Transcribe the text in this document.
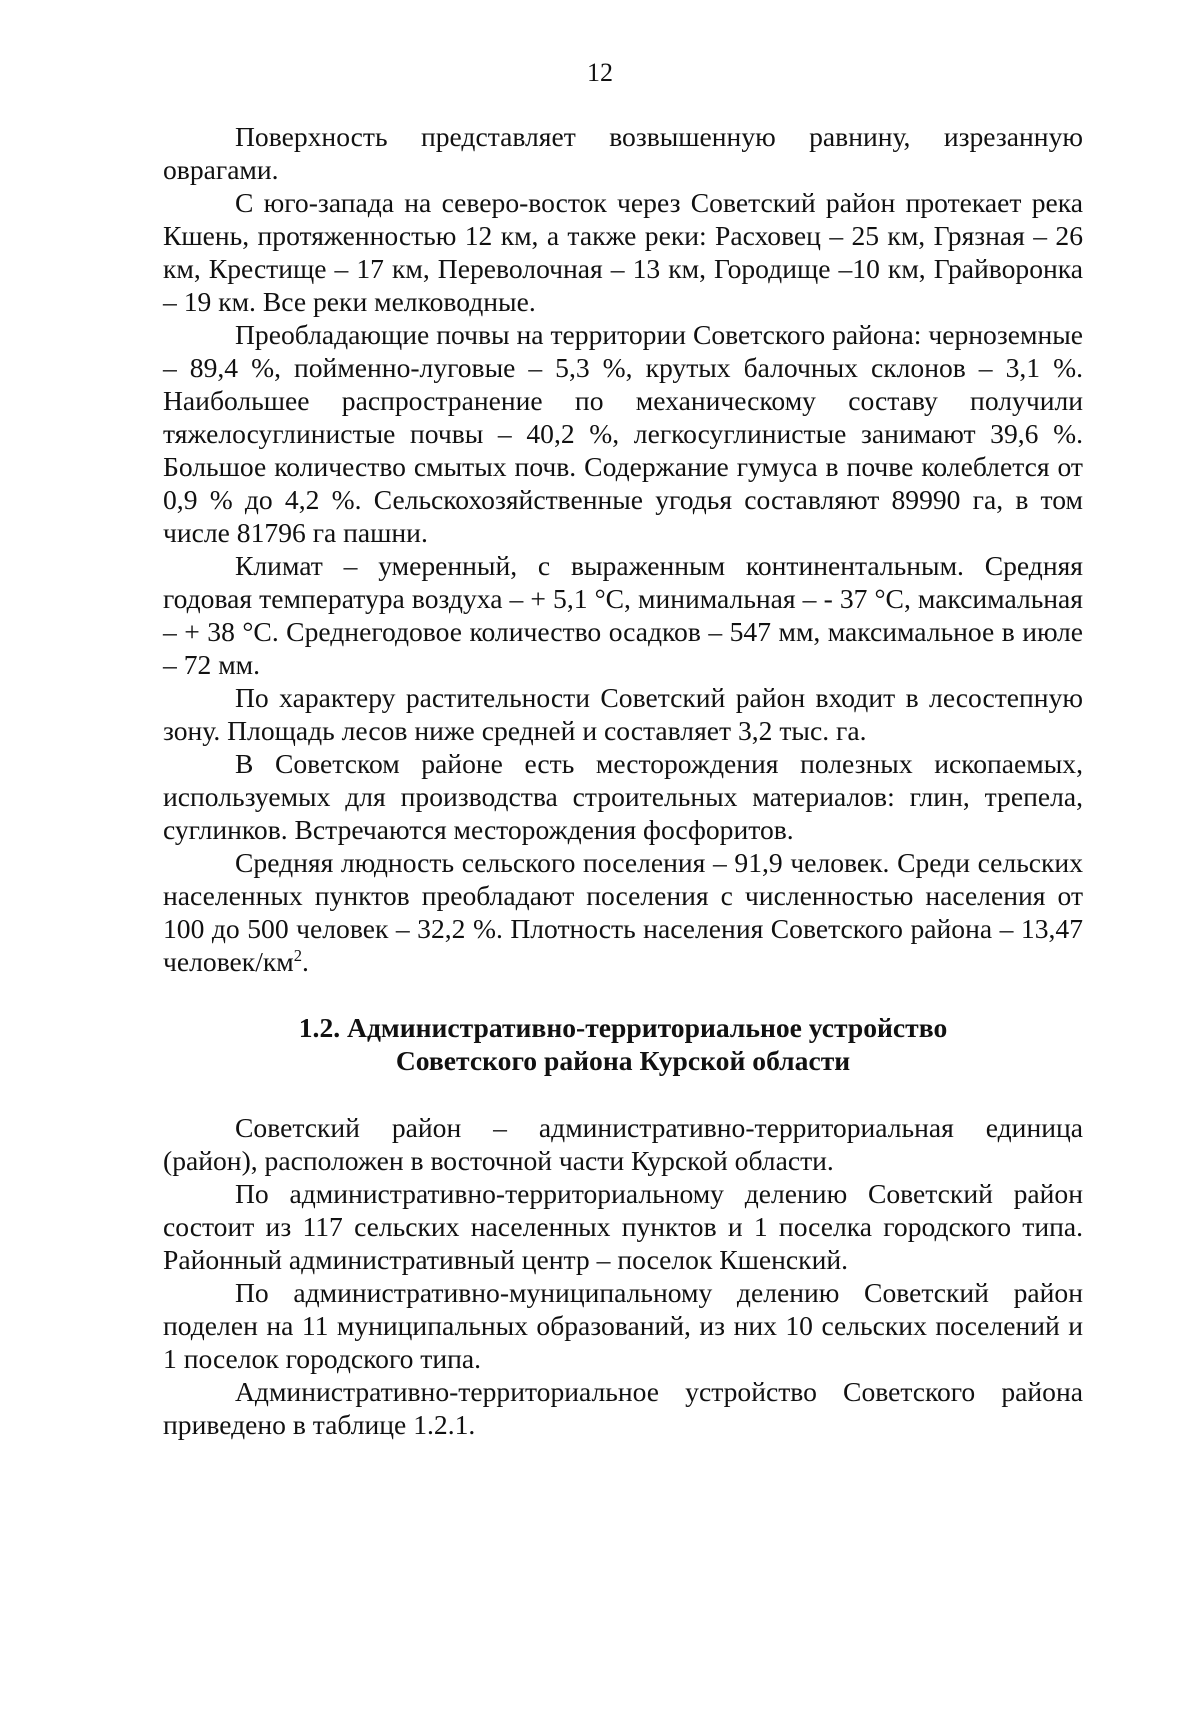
12

Поверхность представляет возвышенную равнину, изрезанную оврагами.

С юго-запада на северо-восток через Советский район протекает река Кшень, протяженностью 12 км, а также реки: Расховец – 25 км, Грязная – 26 км, Крестище – 17 км, Переволочная – 13 км, Городище –10 км, Грайворонка – 19 км. Все реки мелководные.

Преобладающие почвы на территории Советского района: черноземные – 89,4 %, пойменно-луговые – 5,3 %, крутых балочных склонов – 3,1 %. Наибольшее распространение по механическому составу получили тяжелосуглинистые почвы – 40,2 %, легкосуглинистые занимают 39,6 %. Большое количество смытых почв. Содержание гумуса в почве колеблется от 0,9 % до 4,2 %. Сельскохозяйственные угодья составляют 89990 га, в том числе 81796 га пашни.

Климат – умеренный, с выраженным континентальным. Средняя годовая температура воздуха – + 5,1 °С, минимальная – - 37 °С, максимальная – + 38 °С. Среднегодовое количество осадков – 547 мм, максимальное в июле – 72 мм.

По характеру растительности Советский район входит в лесостепную зону. Площадь лесов ниже средней и составляет 3,2 тыс. га.

В Советском районе есть месторождения полезных ископаемых, используемых для производства строительных материалов: глин, трепела, суглинков. Встречаются месторождения фосфоритов.

Средняя людность сельского поселения – 91,9 человек. Среди сельских населенных пунктов преобладают поселения с численностью населения от 100 до 500 человек – 32,2 %. Плотность населения Советского района – 13,47 человек/$км^2$.

1.2. Административно-территориальное устройство
Советского района Курской области

Советский район – административно-территориальная единица (район), расположен в восточной части Курской области.

По административно-территориальному делению Советский район состоит из 117 сельских населенных пунктов и 1 поселка городского типа. Районный административный центр – поселок Кшенский.

По административно-муниципальному делению Советский район поделен на 11 муниципальных образований, из них 10 сельских поселений и 1 поселок городского типа.

Административно-территориальное устройство Советского района приведено в таблице 1.2.1.
